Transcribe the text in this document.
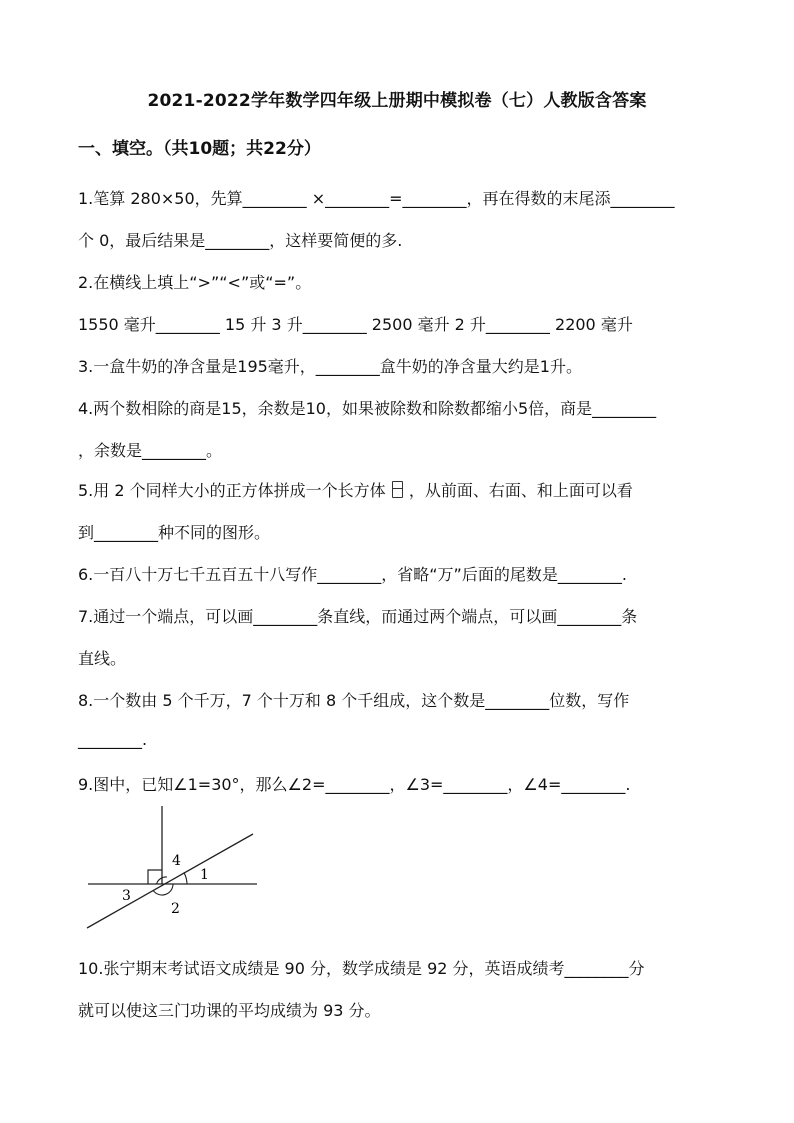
2021-2022学年数学四年级上册期中模拟卷（七）人教版含答案
一、填空。（共10题；共22分）
1.笔算 280×50，先算________ ×________=________，再在得数的末尾添________
个 0，最后结果是________，这样要简便的多.
2.在横线上填上“>”“<”或“=”。
1550 毫升________ 15 升 3 升________ 2500 毫升 2 升________ 2200 毫升
3.一盒牛奶的净含量是195毫升，________盒牛奶的净含量大约是1升。
4.两个数相除的商是15，余数是10，如果被除数和除数都缩小5倍，商是________
，余数是________。
5.用 2 个同样大小的正方体拼成一个长方体 ，从前面、右面、和上面可以看
到________种不同的图形。
6.一百八十万七千五百五十八写作________，省略“万”后面的尾数是________.
7.通过一个端点，可以画________条直线，而通过两个端点，可以画________条
直线。
8.一个数由 5 个千万，7 个十万和 8 个千组成，这个数是________位数，写作
________.
9.图中，已知∠1=30°，那么∠2=________，∠3=________，∠4=________.
1
2
3
4
10.张宁期末考试语文成绩是 90 分，数学成绩是 92 分，英语成绩考________分
就可以使这三门功课的平均成绩为 93 分。
